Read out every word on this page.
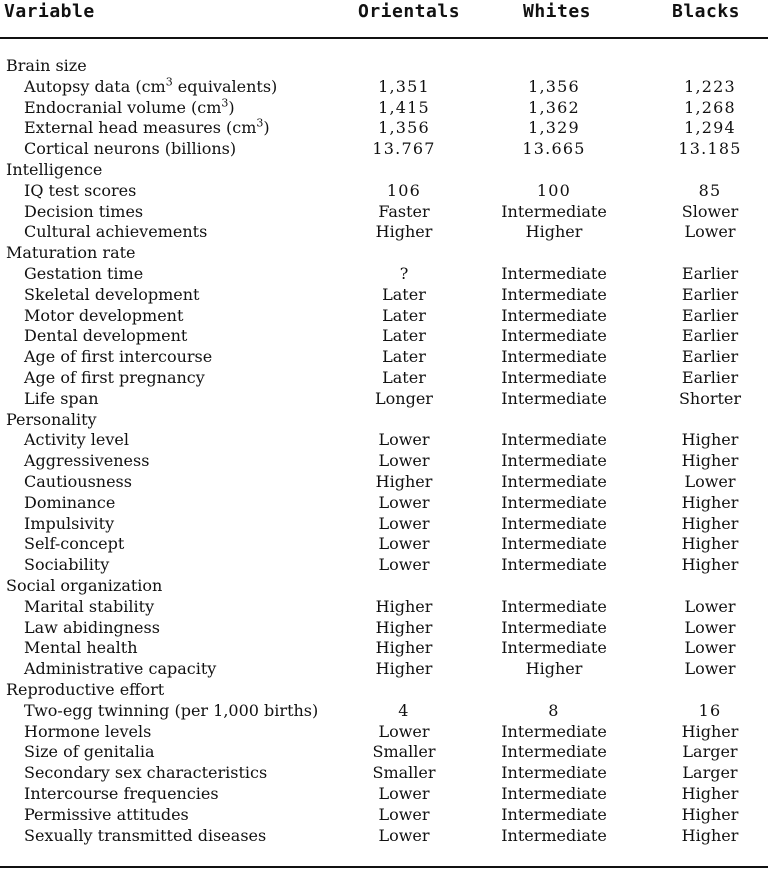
Variable	Orientals	Whites	Blacks
Brain size
Autopsy data ($cm^3$ equivalents)	1,351	1,356	1,223
Endocranial volume $(cm^3)$	1,415	1,362	1,268
External head measures $(cm^3)$	1,356	1,329	1,294
Cortical neurons (billions)	13.767	13.665	13.185
Intelligence
IQ test scores	106	100	85
Decision times	Faster	Intermediate	Slower
Cultural achievements	Higher	Higher	Lower
Maturation rate
Gestation time	?	Intermediate	Earlier
Skeletal development	Later	Intermediate	Earlier
Motor development	Later	Intermediate	Earlier
Dental development	Later	Intermediate	Earlier
Age of first intercourse	Later	Intermediate	Earlier
Age of first pregnancy	Later	Intermediate	Earlier
Life span	Longer	Intermediate	Shorter
Personality
Activity level	Lower	Intermediate	Higher
Aggressiveness	Lower	Intermediate	Higher
Cautiousness	Higher	Intermediate	Lower
Dominance	Lower	Intermediate	Higher
Impulsivity	Lower	Intermediate	Higher
Self-concept	Lower	Intermediate	Higher
Sociability	Lower	Intermediate	Higher
Social organization
Marital stability	Higher	Intermediate	Lower
Law abidingness	Higher	Intermediate	Lower
Mental health	Higher	Intermediate	Lower
Administrative capacity	Higher	Higher	Lower
Reproductive effort
Two-egg twinning (per 1,000 births)	4	8	16
Hormone levels	Lower	Intermediate	Higher
Size of genitalia	Smaller	Intermediate	Larger
Secondary sex characteristics	Smaller	Intermediate	Larger
Intercourse frequencies	Lower	Intermediate	Higher
Permissive attitudes	Lower	Intermediate	Higher
Sexually transmitted diseases	Lower	Intermediate	Higher
